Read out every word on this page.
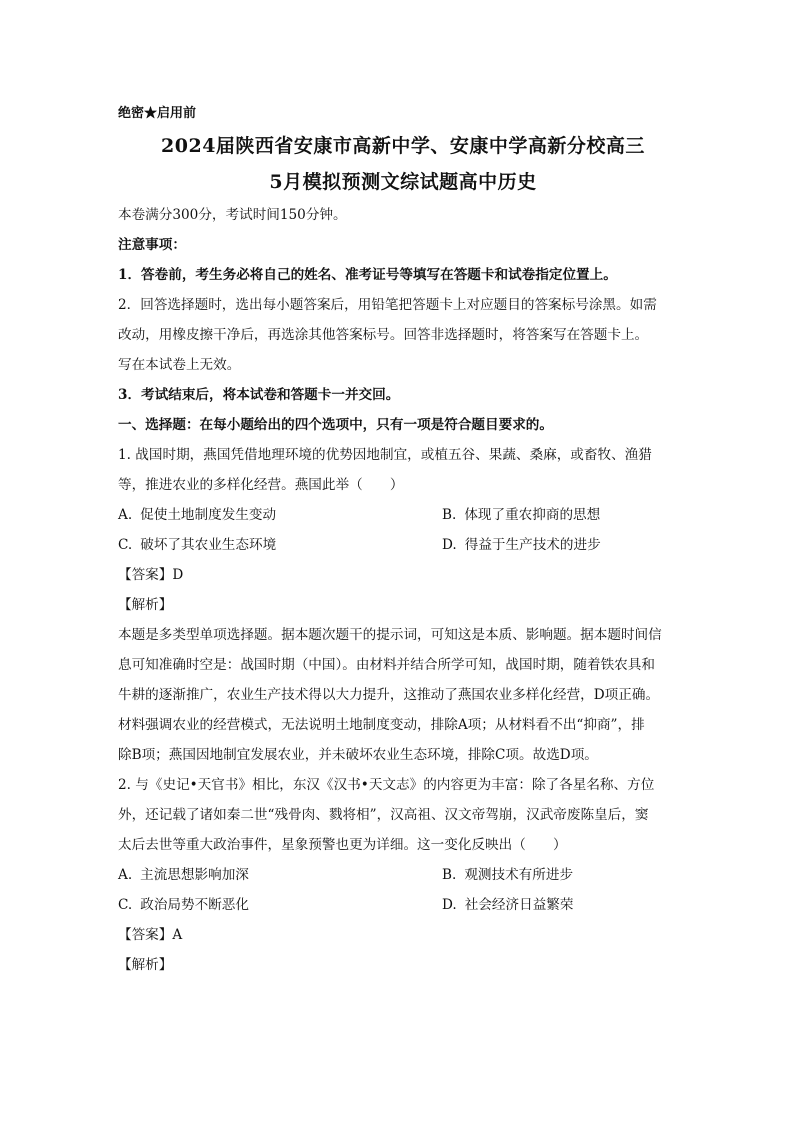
绝密★启用前
2024届陕西省安康市高新中学、安康中学高新分校高三
5月模拟预测文综试题高中历史
本卷满分300分，考试时间150分钟。
注意事项：
1．答卷前，考生务必将自己的姓名、准考证号等填写在答题卡和试卷指定位置上。
2．回答选择题时，选出每小题答案后，用铅笔把答题卡上对应题目的答案标号涂黑。如需
改动，用橡皮擦干净后，再选涂其他答案标号。回答非选择题时，将答案写在答题卡上。
写在本试卷上无效。
3．考试结束后，将本试卷和答题卡一并交回。
一、选择题：在每小题给出的四个选项中，只有一项是符合题目要求的。
1. 战国时期，燕国凭借地理环境的优势因地制宜，或植五谷、果蔬、桑麻，或畜牧、渔猎
等，推进农业的多样化经营。燕国此举（　　）
A. 促使土地制度发生变动	B. 体现了重农抑商的思想
C. 破坏了其农业生态环境	D. 得益于生产技术的进步
【答案】D
【解析】
本题是多类型单项选择题。据本题次题干的提示词，可知这是本质、影响题。据本题时间信
息可知准确时空是：战国时期（中国）。由材料并结合所学可知，战国时期，随着铁农具和
牛耕的逐渐推广，农业生产技术得以大力提升，这推动了燕国农业多样化经营，D项正确。
材料强调农业的经营模式，无法说明土地制度变动，排除A项；从材料看不出“抑商”，排
除B项；燕国因地制宜发展农业，并未破坏农业生态环境，排除C项。故选D项。
2. 与《史记•天官书》相比，东汉《汉书•天文志》的内容更为丰富：除了各星名称、方位
外，还记载了诸如秦二世“残骨肉、戮将相”，汉高祖、汉文帝驾崩，汉武帝废陈皇后，窦
太后去世等重大政治事件，星象预警也更为详细。这一变化反映出（　　）
A. 主流思想影响加深	B. 观测技术有所进步
C. 政治局势不断恶化	D. 社会经济日益繁荣
【答案】A
【解析】
